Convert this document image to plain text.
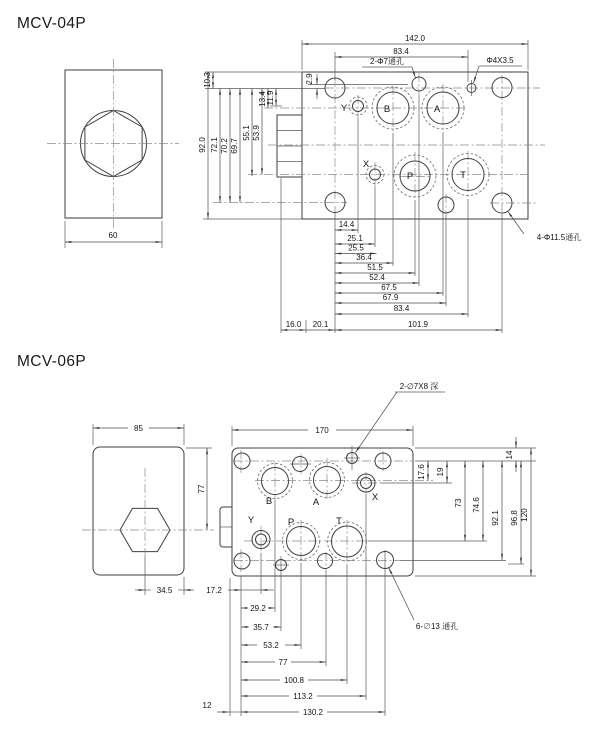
MCV-04P
60
Y	B	A
X
P	T
142.0
83.4
92.0 72.1 70.2 69.7
55.1 53.9
10.3
13.4 11.9
2.9
14.4
25.1
25.5
36.4
51.5
52.4
67.5
67.9
83.4
101.9
16.0 20.1
2-Φ7通孔	Φ4X3.5
4-Φ11.5通孔
MCV-06P
85
77
34.5
B	A	X
Y	P	T
170
14
17.6 19
73 74.6
92.1 96.8 120
17.2
29.2
35.7
53.2
77
100.8
113.2
130.2
12
2-∅7X8 深
6-∅13 通孔
